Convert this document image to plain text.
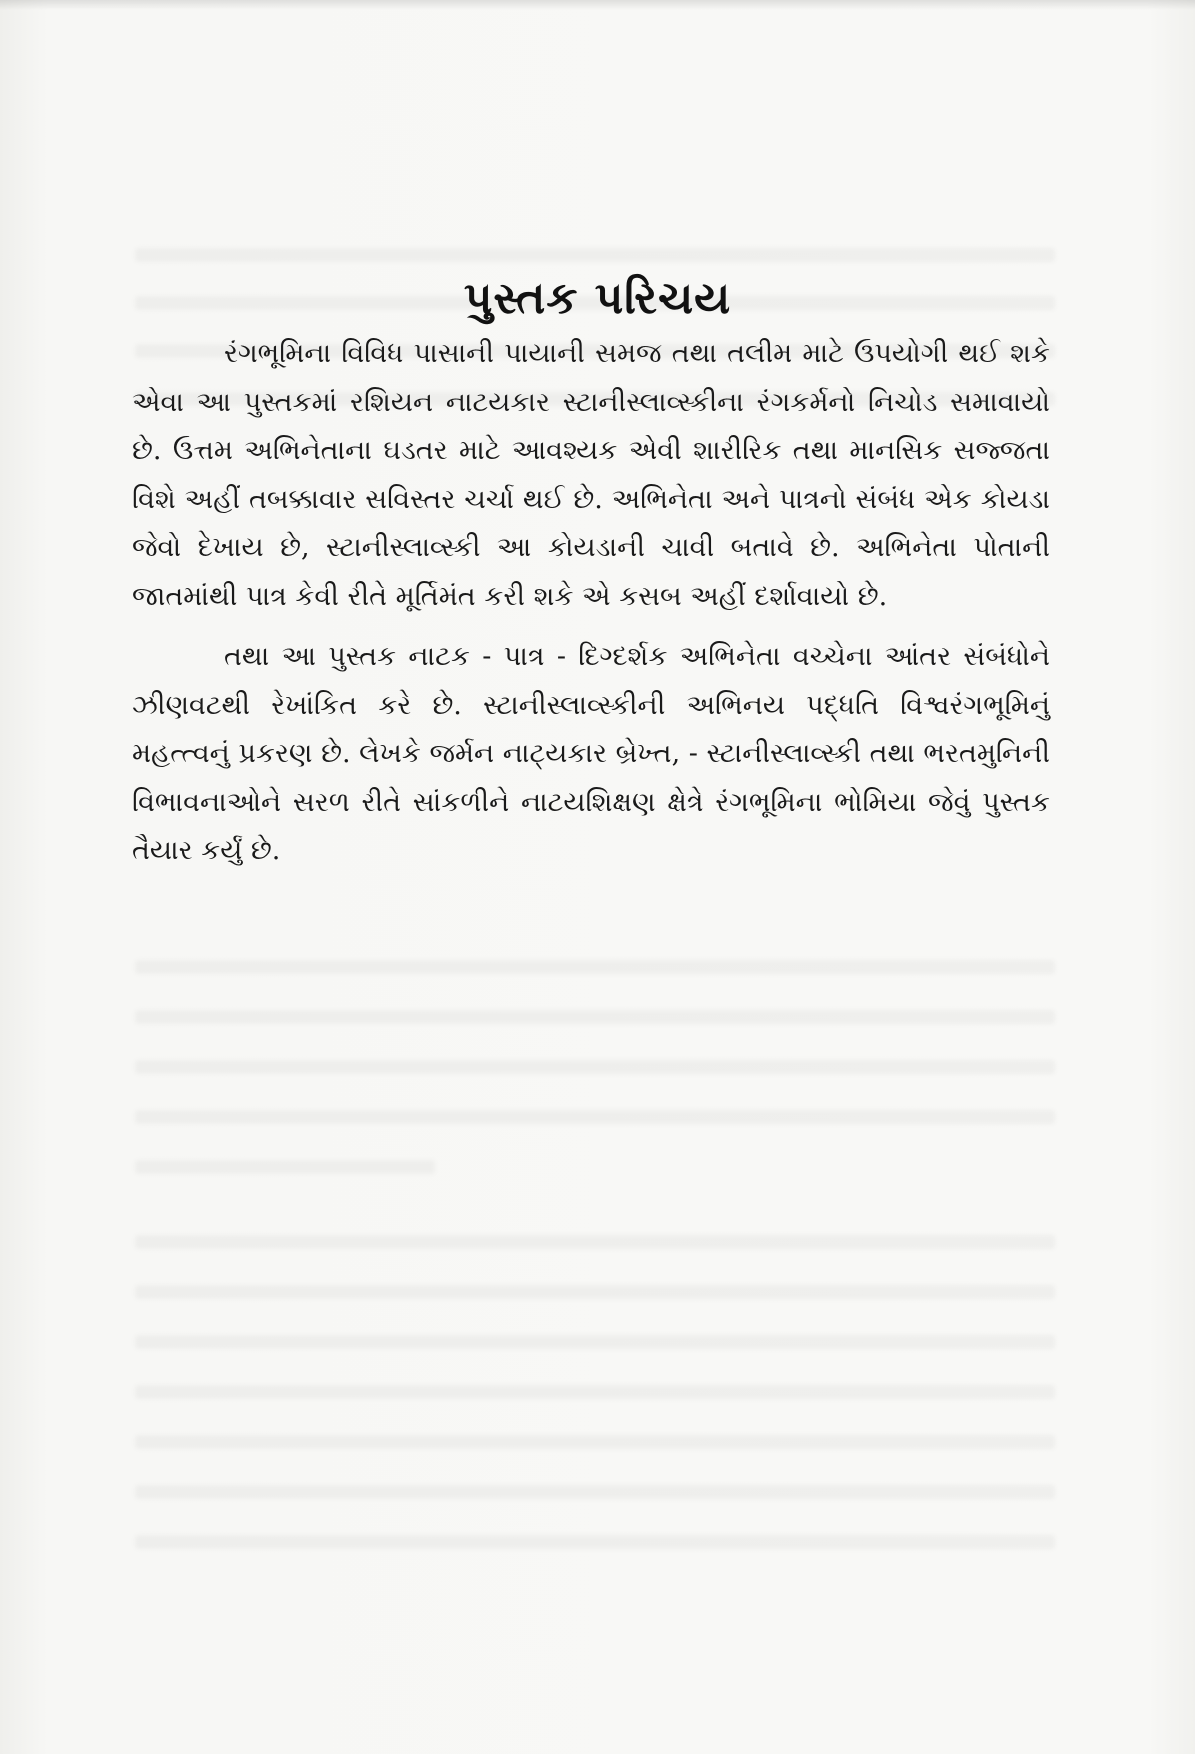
પુસ્તક પરિચય

રંગભૂમિના વિવિધ પાસાની પાયાની સમજ તથા તલીમ માટે ઉપયોગી થઈ શકે એવા આ પુસ્તકમાં રશિયન નાટયકાર સ્ટાનીસ્લાવ્સ્કીના રંગકર્મનો નિચોડ સમાવાયો છે. ઉત્તમ અભિનેતાના ઘડતર માટે આવશ્યક એવી શારીરિક તથા માનસિક સજ્જતા વિશે અહીં તબક્કાવાર સવિસ્તર ચર્ચા થઈ છે. અભિનેતા અને પાત્રનો સંબંધ એક કોયડા જેવો દેખાય છે, સ્ટાનીસ્લાવ્સ્કી આ કોયડાની ચાવી બતાવે છે. અભિનેતા પોતાની જાતમાંથી પાત્ર કેવી રીતે મૂર્તિમંત કરી શકે એ કસબ અહીં દર્શાવાયો છે.

તથા આ પુસ્તક નાટક - પાત્ર - દિગ્દર્શક અભિનેતા વચ્ચેના આંતર સંબંધોને ઝીણવટથી રેખાંકિત કરે છે. સ્ટાનીસ્લાવ્સ્કીની અભિનય પદ્ધતિ વિશ્વરંગભૂમિનું મહત્ત્વનું પ્રકરણ છે. લેખકે જર્મન નાટ્યકાર બ્રેખ્ત, - સ્ટાનીસ્લાવ્સ્કી તથા ભરતમુનિની વિભાવનાઓને સરળ રીતે સાંકળીને નાટયશિક્ષણ ક્ષેત્રે રંગભૂમિના ભોમિયા જેવું પુસ્તક તૈયાર કર્યું છે.
